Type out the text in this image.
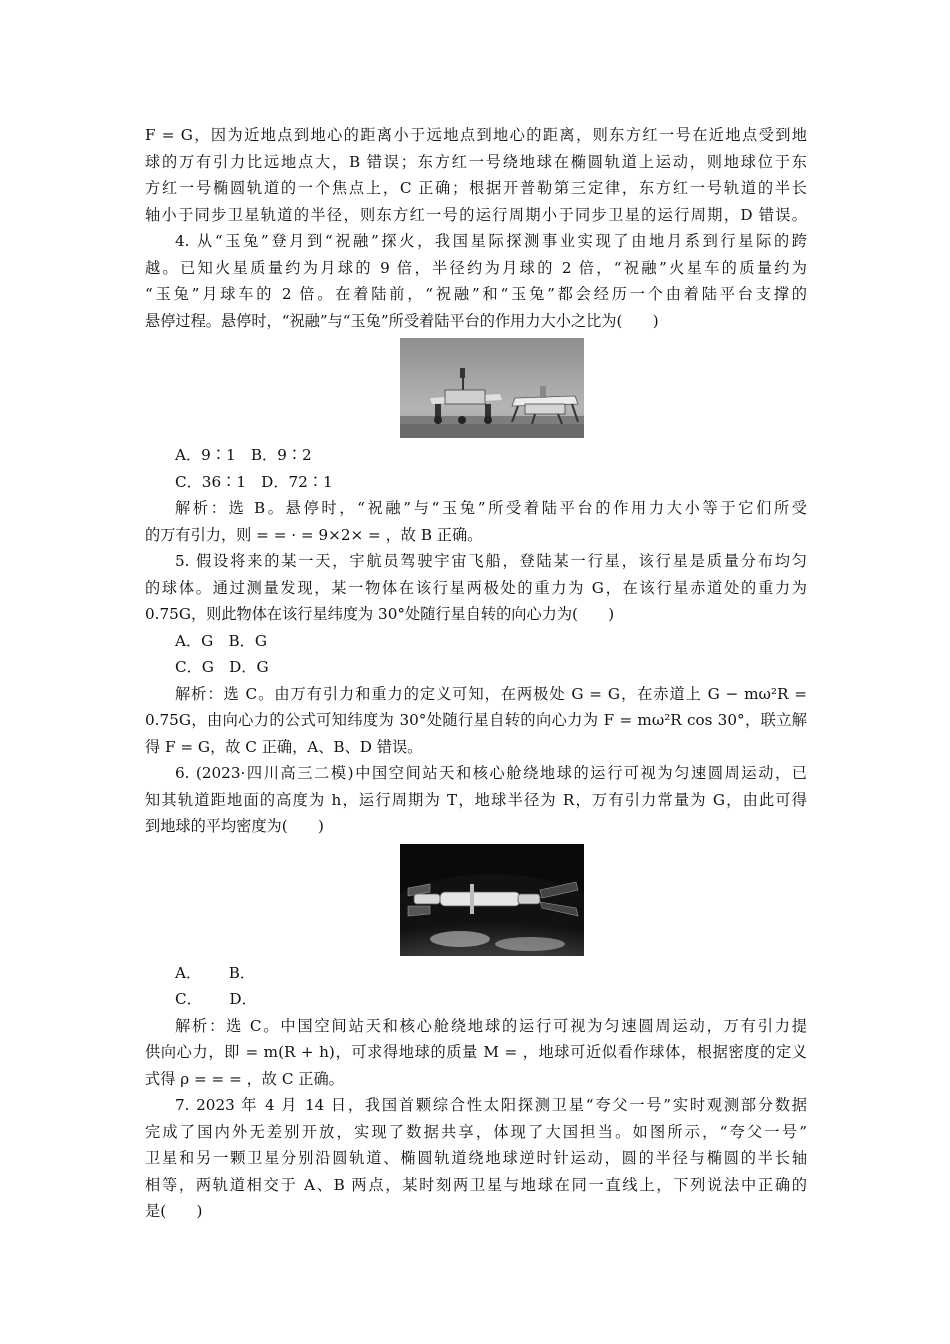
F = G，因为近地点到地心的距离小于远地点到地心的距离，则东方红一号在近地点受到地
球的万有引力比远地点大，B 错误；东方红一号绕地球在椭圆轨道上运动，则地球位于东
方红一号椭圆轨道的一个焦点上，C 正确；根据开普勒第三定律，东方红一号轨道的半长
轴小于同步卫星轨道的半径，则东方红一号的运行周期小于同步卫星的运行周期，D 错误。
4. 从“玉兔”登月到“祝融”探火，我国星际探测事业实现了由地月系到行星际的跨
越。已知火星质量约为月球的 9 倍，半径约为月球的 2 倍，“祝融”火星车的质量约为
“玉兔”月球车的 2 倍。在着陆前，“祝融”和“玉兔”都会经历一个由着陆平台支撑的
悬停过程。悬停时，“祝融”与“玉兔”所受着陆平台的作用力大小之比为(　　)
A．9∶1　B．9∶2
C．36∶1　D．72∶1
解析：选 B。悬停时，“祝融”与“玉兔”所受着陆平台的作用力大小等于它们所受
的万有引力，则 = = · = 9×2× = ，故 B 正确。
5. 假设将来的某一天，宇航员驾驶宇宙飞船，登陆某一行星，该行星是质量分布均匀
的球体。通过测量发现，某一物体在该行星两极处的重力为 G，在该行星赤道处的重力为
0.75G，则此物体在该行星纬度为 30°处随行星自转的向心力为(　　)
A．G　B．G
C．G　D．G
解析：选 C。由万有引力和重力的定义可知，在两极处 G = G，在赤道上 G − mω²R =
0.75G，由向心力的公式可知纬度为 30°处随行星自转的向心力为 F = mω²R cos 30°，联立解
得 F = G，故 C 正确，A、B、D 错误。
6. (2023·四川高三二模)中国空间站天和核心舱绕地球的运行可视为匀速圆周运动，已
知其轨道距地面的高度为 h，运行周期为 T，地球半径为 R，万有引力常量为 G，由此可得
到地球的平均密度为(　　)
A．　　 B．
C．　　 D．
解析：选 C。中国空间站天和核心舱绕地球的运行可视为匀速圆周运动，万有引力提
供向心力，即 = m(R + h)，可求得地球的质量 M = ，地球可近似看作球体，根据密度的定义
式得 ρ = = = ，故 C 正确。
7. 2023 年 4 月 14 日，我国首颗综合性太阳探测卫星“夸父一号”实时观测部分数据
完成了国内外无差别开放，实现了数据共享，体现了大国担当。如图所示，“夸父一号”
卫星和另一颗卫星分别沿圆轨道、椭圆轨道绕地球逆时针运动，圆的半径与椭圆的半长轴
相等，两轨道相交于 A、B 两点，某时刻两卫星与地球在同一直线上，下列说法中正确的
是(　　)
